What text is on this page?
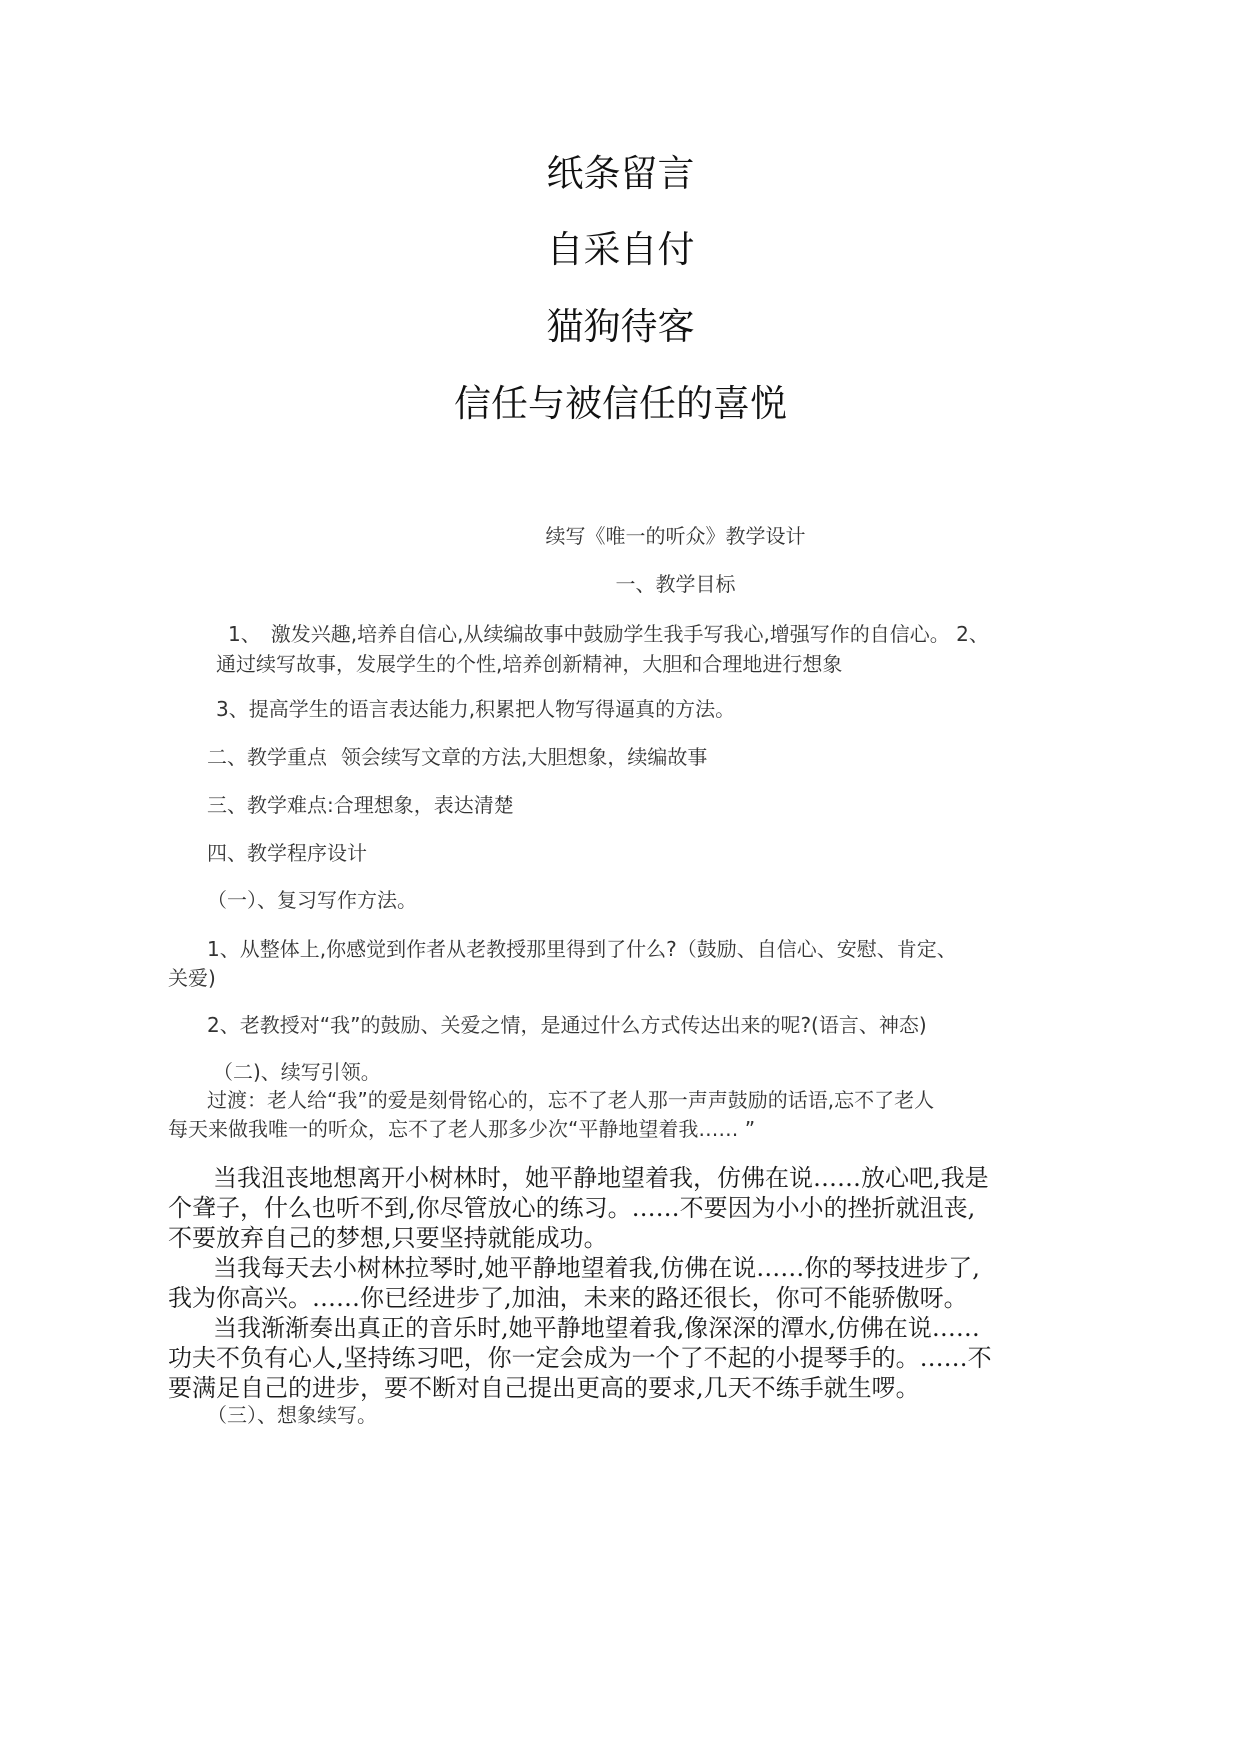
纸条留言
自采自付
猫狗待客
信任与被信任的喜悦
续写《唯一的听众》教学设计
一、教学目标
1、　激发兴趣,培养自信心,从续编故事中鼓励学生我手写我心,增强写作的自信心。 2、
通过续写故事，发展学生的个性,培养创新精神，大胆和合理地进行想象
3、提高学生的语言表达能力,积累把人物写得逼真的方法。
二、教学重点 领会续写文章的方法,大胆想象，续编故事
三、教学难点:合理想象，表达清楚
四、教学程序设计
（一）、复习写作方法。
1、从整体上,你感觉到作者从老教授那里得到了什么?（鼓励、自信心、安慰、肯定、
关爱)
2、老教授对“我”的鼓励、关爱之情，是通过什么方式传达出来的呢?(语言、神态)
（二)、续写引领。
过渡：老人给“我”的爱是刻骨铭心的，忘不了老人那一声声鼓励的话语,忘不了老人
每天来做我唯一的听众，忘不了老人那多少次“平静地望着我…… ”
当我沮丧地想离开小树林时，她平静地望着我，仿佛在说……放心吧,我是
个聋子，什么也听不到,你尽管放心的练习。……不要因为小小的挫折就沮丧,
不要放弃自己的梦想,只要坚持就能成功。
当我每天去小树林拉琴时,她平静地望着我,仿佛在说……你的琴技进步了,
我为你高兴。……你已经进步了,加油，未来的路还很长，你可不能骄傲呀。
当我渐渐奏出真正的音乐时,她平静地望着我,像深深的潭水,仿佛在说……
功夫不负有心人,坚持练习吧，你一定会成为一个了不起的小提琴手的。……不
要满足自己的进步，要不断对自己提出更高的要求,几天不练手就生啰。
（三）、想象续写。
